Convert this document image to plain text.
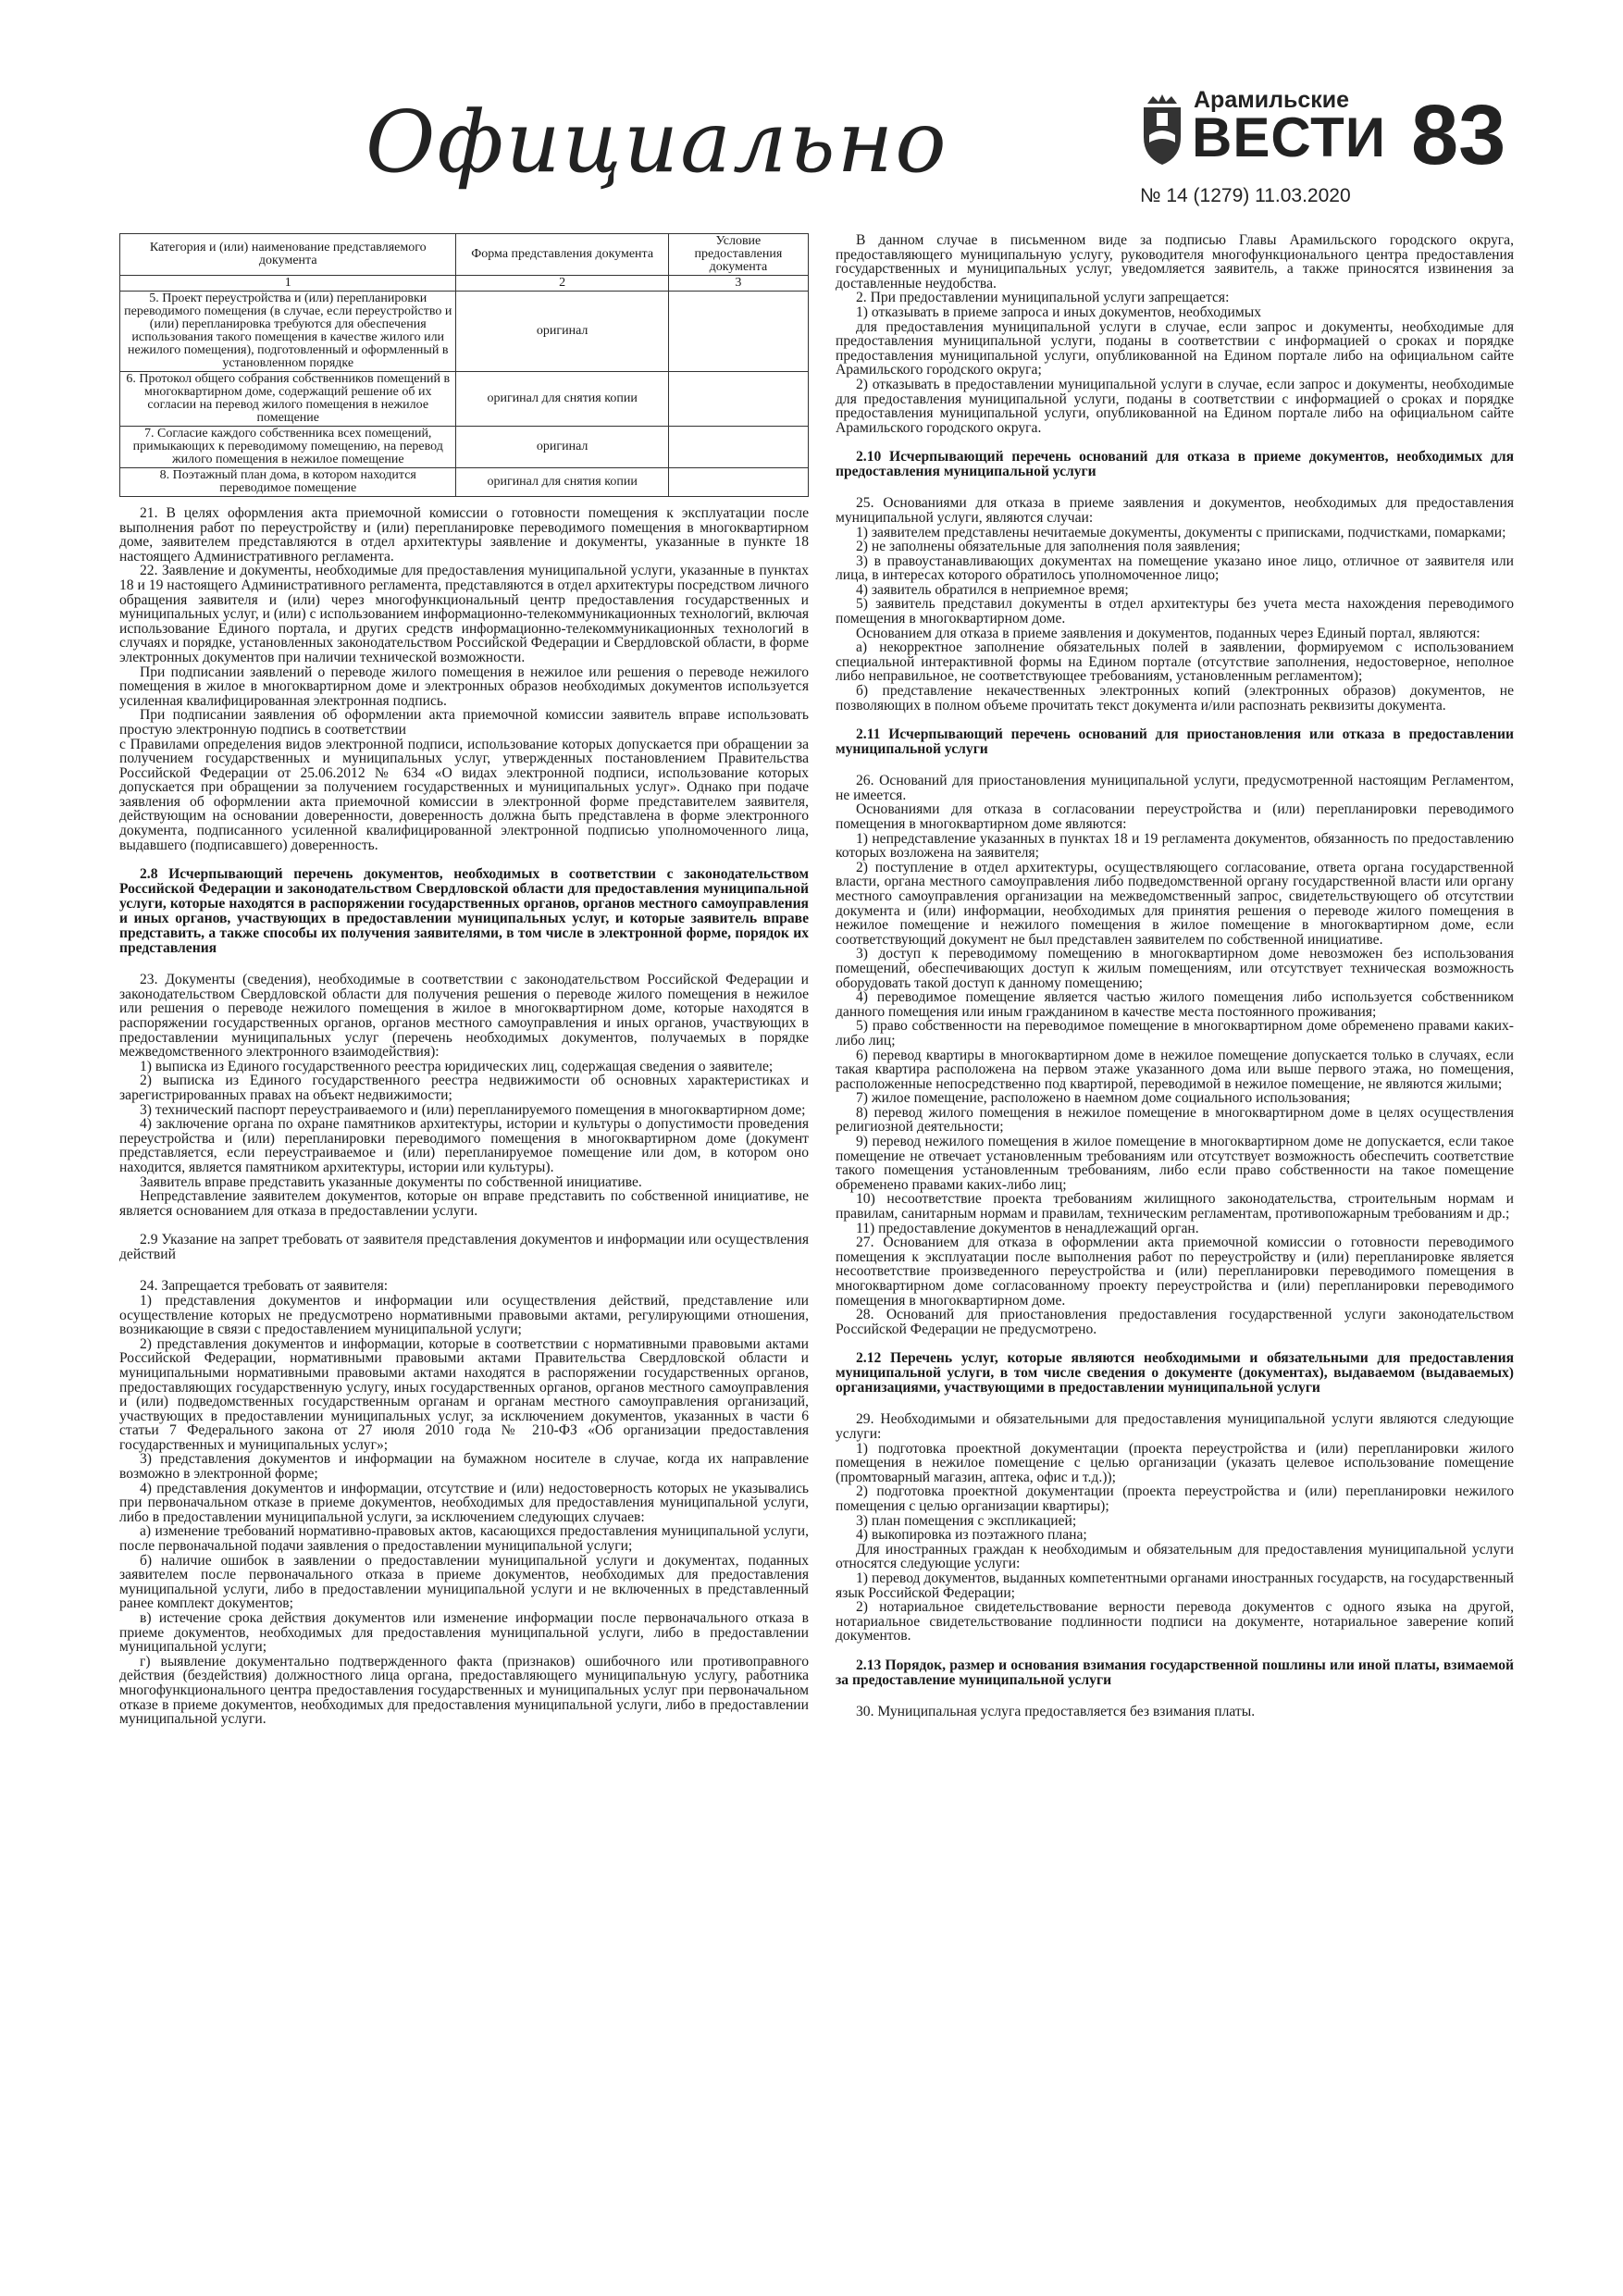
Официально	Арамильские
ВЕСТИ 83
№ 14 (1279) 11.03.2020
Категория и (или) наименование представляемого документа	Форма представления документа	Условие предоставления документа
1	2	3
5. Проект переустройства и (или) перепланировки переводимого помещения (в случае, если переустройство и (или) перепланировка требуются для обеспечения использования такого помещения в качестве жилого или нежилого помещения), подготовленный и оформленный в установленном порядке	оригинал	
6. Протокол общего собрания собственников помещений в многоквартирном доме, содержащий решение об их согласии на перевод жилого помещения в нежилое помещение	оригинал для снятия копии	
7. Согласие каждого собственника всех помещений, примыкающих к переводимому помещению, на перевод жилого помещения в нежилое помещение	оригинал	
8. Поэтажный план дома, в котором находится переводимое помещение	оригинал для снятия копии	

21. В целях оформления акта приемочной комиссии о готовности помещения к эксплуатации после выполнения работ по переустройству и (или) перепланировке переводимого помещения в многоквартирном доме, заявителем представляются в отдел архитектуры заявление и документы, указанные в пункте 18 настоящего Административного регламента.

22. Заявление и документы, необходимые для предоставления муниципальной услуги, указанные в пунктах 18 и 19 настоящего Административного регламента, представляются в отдел архитектуры посредством личного обращения заявителя и (или) через многофункциональный центр предоставления государственных и муниципальных услуг, и (или) с использованием информационно-телекоммуникационных технологий, включая использование Единого портала, и других средств информационно-телекоммуникационных технологий в случаях и порядке, установленных законодательством Российской Федерации и Свердловской области, в форме электронных документов при наличии технической возможности.

При подписании заявлений о переводе жилого помещения в нежилое или решения о переводе нежилого помещения в жилое в многоквартирном доме и электронных образов необходимых документов используется усиленная квалифицированная электронная подпись.

При подписании заявления об оформлении акта приемочной комиссии заявитель вправе использовать простую электронную подпись в соответствии

с Правилами определения видов электронной подписи, использование которых допускается при обращении за получением государственных и муниципальных услуг, утвержденных постановлением Правительства Российской Федерации от 25.06.2012 № 634 «О видах электронной подписи, использование которых допускается при обращении за получением государственных и муниципальных услуг». Однако при подаче заявления об оформлении акта приемочной комиссии в электронной форме представителем заявителя, действующим на основании доверенности, доверенность должна быть представлена в форме электронного документа, подписанного усиленной квалифицированной электронной подписью уполномоченного лица, выдавшего (подписавшего) доверенность.

2.8 Исчерпывающий перечень документов, необходимых в соответствии с законодательством Российской Федерации и законодательством Свердловской области для предоставления муниципальной услуги, которые находятся в распоряжении государственных органов, органов местного самоуправления и иных органов, участвующих в предоставлении муниципальных услуг, и которые заявитель вправе представить, а также способы их получения заявителями, в том числе в электронной форме, порядок их представления

23. Документы (сведения), необходимые в соответствии с законодательством Российской Федерации и законодательством Свердловской области для получения решения о переводе жилого помещения в нежилое или решения о переводе нежилого помещения в жилое в многоквартирном доме, которые находятся в распоряжении государственных органов, органов местного самоуправления и иных органов, участвующих в предоставлении муниципальных услуг (перечень необходимых документов, получаемых в порядке межведомственного электронного взаимодействия):

1) выписка из Единого государственного реестра юридических лиц, содержащая сведения о заявителе;

2) выписка из Единого государственного реестра недвижимости об основных характеристиках и зарегистрированных правах на объект недвижимости;

3) технический паспорт переустраиваемого и (или) перепланируемого помещения в многоквартирном доме;

4) заключение органа по охране памятников архитектуры, истории и культуры о допустимости проведения переустройства и (или) перепланировки переводимого помещения в многоквартирном доме (документ представляется, если переустраиваемое и (или) перепланируемое помещение или дом, в котором оно находится, является памятником архитектуры, истории или культуры).

Заявитель вправе представить указанные документы по собственной инициативе.

Непредставление заявителем документов, которые он вправе представить по собственной инициативе, не является основанием для отказа в предоставлении услуги.

2.9 Указание на запрет требовать от заявителя представления документов и информации или осуществления действий

24. Запрещается требовать от заявителя:

1) представления документов и информации или осуществления действий, представление или осуществление которых не предусмотрено нормативными правовыми актами, регулирующими отношения, возникающие в связи с предоставлением муниципальной услуги;

2) представления документов и информации, которые в соответствии с нормативными правовыми актами Российской Федерации, нормативными правовыми актами Правительства Свердловской области и муниципальными нормативными правовыми актами находятся в распоряжении государственных органов, предоставляющих государственную услугу, иных государственных органов, органов местного самоуправления и (или) подведомственных государственным органам и органам местного самоуправления организаций, участвующих в предоставлении муниципальных услуг, за исключением документов, указанных в части 6 статьи 7 Федерального закона от 27 июля 2010 года № 210-ФЗ «Об организации предоставления государственных и муниципальных услуг»;

3) представления документов и информации на бумажном носителе в случае, когда их направление возможно в электронной форме;

4) представления документов и информации, отсутствие и (или) недостоверность которых не указывались при первоначальном отказе в приеме документов, необходимых для предоставления муниципальной услуги, либо в предоставлении муниципальной услуги, за исключением следующих случаев:

а) изменение требований нормативно-правовых актов, касающихся предоставления муниципальной услуги, после первоначальной подачи заявления о предоставлении муниципальной услуги;

б) наличие ошибок в заявлении о предоставлении муниципальной услуги и документах, поданных заявителем после первоначального отказа в приеме документов, необходимых для предоставления муниципальной услуги, либо в предоставлении муниципальной услуги и не включенных в представленный ранее комплект документов;

в) истечение срока действия документов или изменение информации после первоначального отказа в приеме документов, необходимых для предоставления муниципальной услуги, либо в предоставлении муниципальной услуги;

г) выявление документально подтвержденного факта (признаков) ошибочного или противоправного действия (бездействия) должностного лица органа, предоставляющего муниципальную услугу, работника многофункционального центра предоставления государственных и муниципальных услуг при первоначальном отказе в приеме документов, необходимых для предоставления муниципальной услуги, либо в предоставлении муниципальной услуги.

В данном случае в письменном виде за подписью Главы Арамильского городского округа, предоставляющего муниципальную услугу, руководителя многофункционального центра предоставления государственных и муниципальных услуг, уведомляется заявитель, а также приносятся извинения за доставленные неудобства.

2. При предоставлении муниципальной услуги запрещается:

1) отказывать в приеме запроса и иных документов, необходимых

для предоставления муниципальной услуги в случае, если запрос и документы, необходимые для предоставления муниципальной услуги, поданы в соответствии с информацией о сроках и порядке предоставления муниципальной услуги, опубликованной на Едином портале либо на официальном сайте Арамильского городского округа;

2) отказывать в предоставлении муниципальной услуги в случае, если запрос и документы, необходимые для предоставления муниципальной услуги, поданы в соответствии с информацией о сроках и порядке предоставления муниципальной услуги, опубликованной на Едином портале либо на официальном сайте Арамильского городского округа.

2.10 Исчерпывающий перечень оснований для отказа в приеме документов, необходимых для предоставления муниципальной услуги

25. Основаниями для отказа в приеме заявления и документов, необходимых для предоставления муниципальной услуги, являются случаи:

1) заявителем представлены нечитаемые документы, документы с приписками, подчистками, помарками;

2) не заполнены обязательные для заполнения поля заявления;

3) в правоустанавливающих документах на помещение указано иное лицо, отличное от заявителя или лица, в интересах которого обратилось уполномоченное лицо;

4) заявитель обратился в неприемное время;

5) заявитель представил документы в отдел архитектуры без учета места нахождения переводимого помещения в многоквартирном доме.

Основанием для отказа в приеме заявления и документов, поданных через Единый портал, являются:

а) некорректное заполнение обязательных полей в заявлении, формируемом с использованием специальной интерактивной формы на Едином портале (отсутствие заполнения, недостоверное, неполное либо неправильное, не соответствующее требованиям, установленным регламентом);

б) представление некачественных электронных копий (электронных образов) документов, не позволяющих в полном объеме прочитать текст документа и/или распознать реквизиты документа.

2.11 Исчерпывающий перечень оснований для приостановления или отказа в предоставлении муниципальной услуги

26. Оснований для приостановления муниципальной услуги, предусмотренной настоящим Регламентом, не имеется.

Основаниями для отказа в согласовании переустройства и (или) перепланировки переводимого помещения в многоквартирном доме являются:

1) непредставление указанных в пунктах 18 и 19 регламента документов, обязанность по предоставлению которых возложена на заявителя;

2) поступление в отдел архитектуры, осуществляющего согласование, ответа органа государственной власти, органа местного самоуправления либо подведомственной органу государственной власти или органу местного самоуправления организации на межведомственный запрос, свидетельствующего об отсутствии документа и (или) информации, необходимых для принятия решения о переводе жилого помещения в нежилое помещение и нежилого помещения в жилое помещение в многоквартирном доме, если соответствующий документ не был представлен заявителем по собственной инициативе.

3) доступ к переводимому помещению в многоквартирном доме невозможен без использования помещений, обеспечивающих доступ к жилым помещениям, или отсутствует техническая возможность оборудовать такой доступ к данному помещению;

4) переводимое помещение является частью жилого помещения либо используется собственником данного помещения или иным гражданином в качестве места постоянного проживания;

5) право собственности на переводимое помещение в многоквартирном доме обременено правами каких-либо лиц;

6) перевод квартиры в многоквартирном доме в нежилое помещение допускается только в случаях, если такая квартира расположена на первом этаже указанного дома или выше первого этажа, но помещения, расположенные непосредственно под квартирой, переводимой в нежилое помещение, не являются жилыми;

7) жилое помещение, расположено в наемном доме социального использования;

8) перевод жилого помещения в нежилое помещение в многоквартирном доме в целях осуществления религиозной деятельности;

9) перевод нежилого помещения в жилое помещение в многоквартирном доме не допускается, если такое помещение не отвечает установленным требованиям или отсутствует возможность обеспечить соответствие такого помещения установленным требованиям, либо если право собственности на такое помещение обременено правами каких-либо лиц;

10) несоответствие проекта требованиям жилищного законодательства, строительным нормам и правилам, санитарным нормам и правилам, техническим регламентам, противопожарным требованиям и др.;

11) предоставление документов в ненадлежащий орган.

27. Основанием для отказа в оформлении акта приемочной комиссии о готовности переводимого помещения к эксплуатации после выполнения работ по переустройству и (или) перепланировке является несоответствие произведенного переустройства и (или) перепланировки переводимого помещения в многоквартирном доме согласованному проекту переустройства и (или) перепланировки переводимого помещения в многоквартирном доме.

28. Оснований для приостановления предоставления государственной услуги законодательством Российской Федерации не предусмотрено.

2.12 Перечень услуг, которые являются необходимыми и обязательными для предоставления муниципальной услуги, в том числе сведения о документе (документах), выдаваемом (выдаваемых) организациями, участвующими в предоставлении муниципальной услуги

29. Необходимыми и обязательными для предоставления муниципальной услуги являются следующие услуги:

1) подготовка проектной документации (проекта переустройства и (или) перепланировки жилого помещения в нежилое помещение с целью организации (указать целевое использование помещение (промтоварный магазин, аптека, офис и т.д.));

2) подготовка проектной документации (проекта переустройства и (или) перепланировки нежилого помещения с целью организации квартиры);

3) план помещения с экспликацией;

4) выкопировка из поэтажного плана;

Для иностранных граждан к необходимым и обязательным для предоставления муниципальной услуги относятся следующие услуги:

1) перевод документов, выданных компетентными органами иностранных государств, на государственный язык Российской Федерации;

2) нотариальное свидетельствование верности перевода документов с одного языка на другой, нотариальное свидетельствование подлинности подписи на документе, нотариальное заверение копий документов.

2.13 Порядок, размер и основания взимания государственной пошлины или иной платы, взимаемой за предоставление муниципальной услуги

30. Муниципальная услуга предоставляется без взимания платы.
